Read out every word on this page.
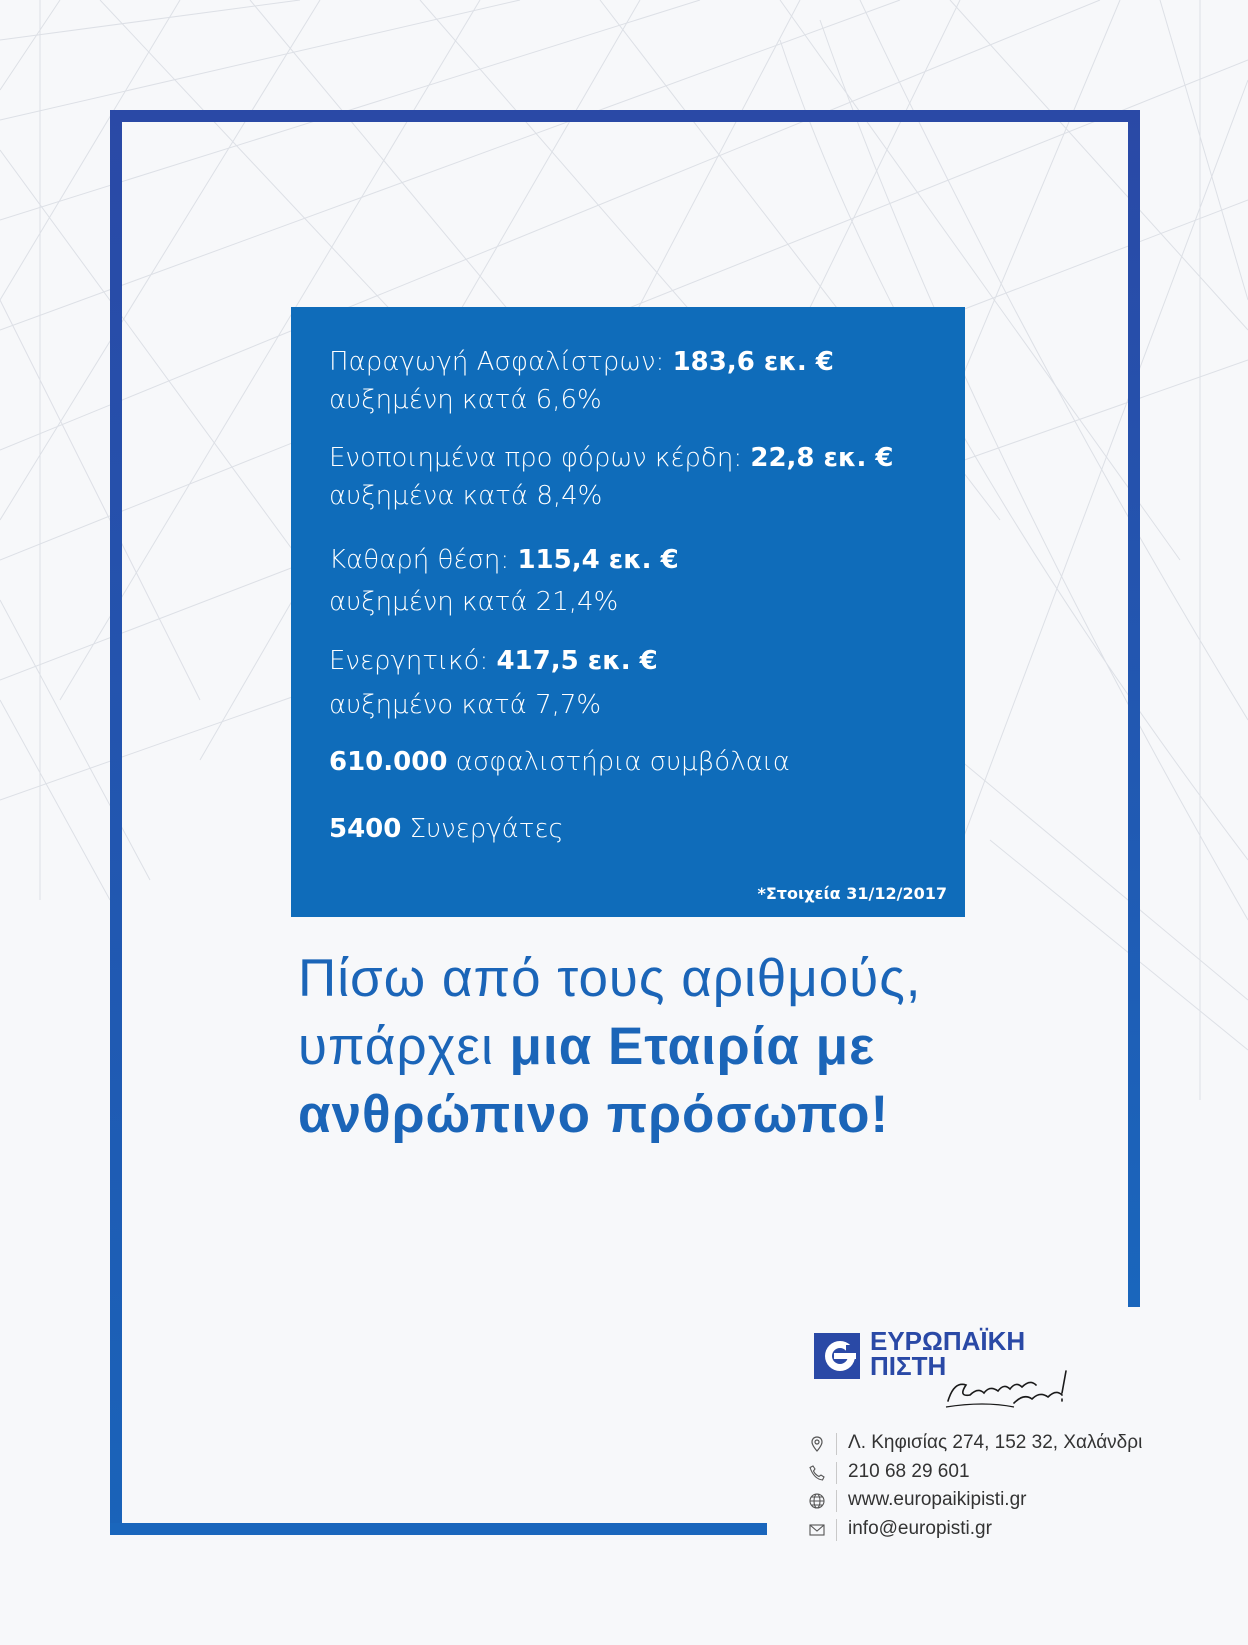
Παραγωγή Ασφαλίστρων: 183,6 εκ. €
αυξημένη κατά 6,6%
Ενοποιημένα προ φόρων κέρδη: 22,8 εκ. €
αυξημένα κατά 8,4%
Καθαρή θέση: 115,4 εκ. €
αυξημένη κατά 21,4%
Ενεργητικό: 417,5 εκ. €
αυξημένο κατά 7,7%
610.000 ασφαλιστήρια συμβόλαια
5400 Συνεργάτες
*Στοιχεία 31/12/2017
Πίσω από τους αριθμούς,
υπάρχει μια Εταιρία με
ανθρώπινο πρόσωπο!
ΕΥΡΩΠΑΪΚΗ
ΠΙΣΤΗ
Λ. Κηφισίας 274, 152 32, Χαλάνδρι
210 68 29 601
www.europaikipisti.gr
info@europisti.gr
